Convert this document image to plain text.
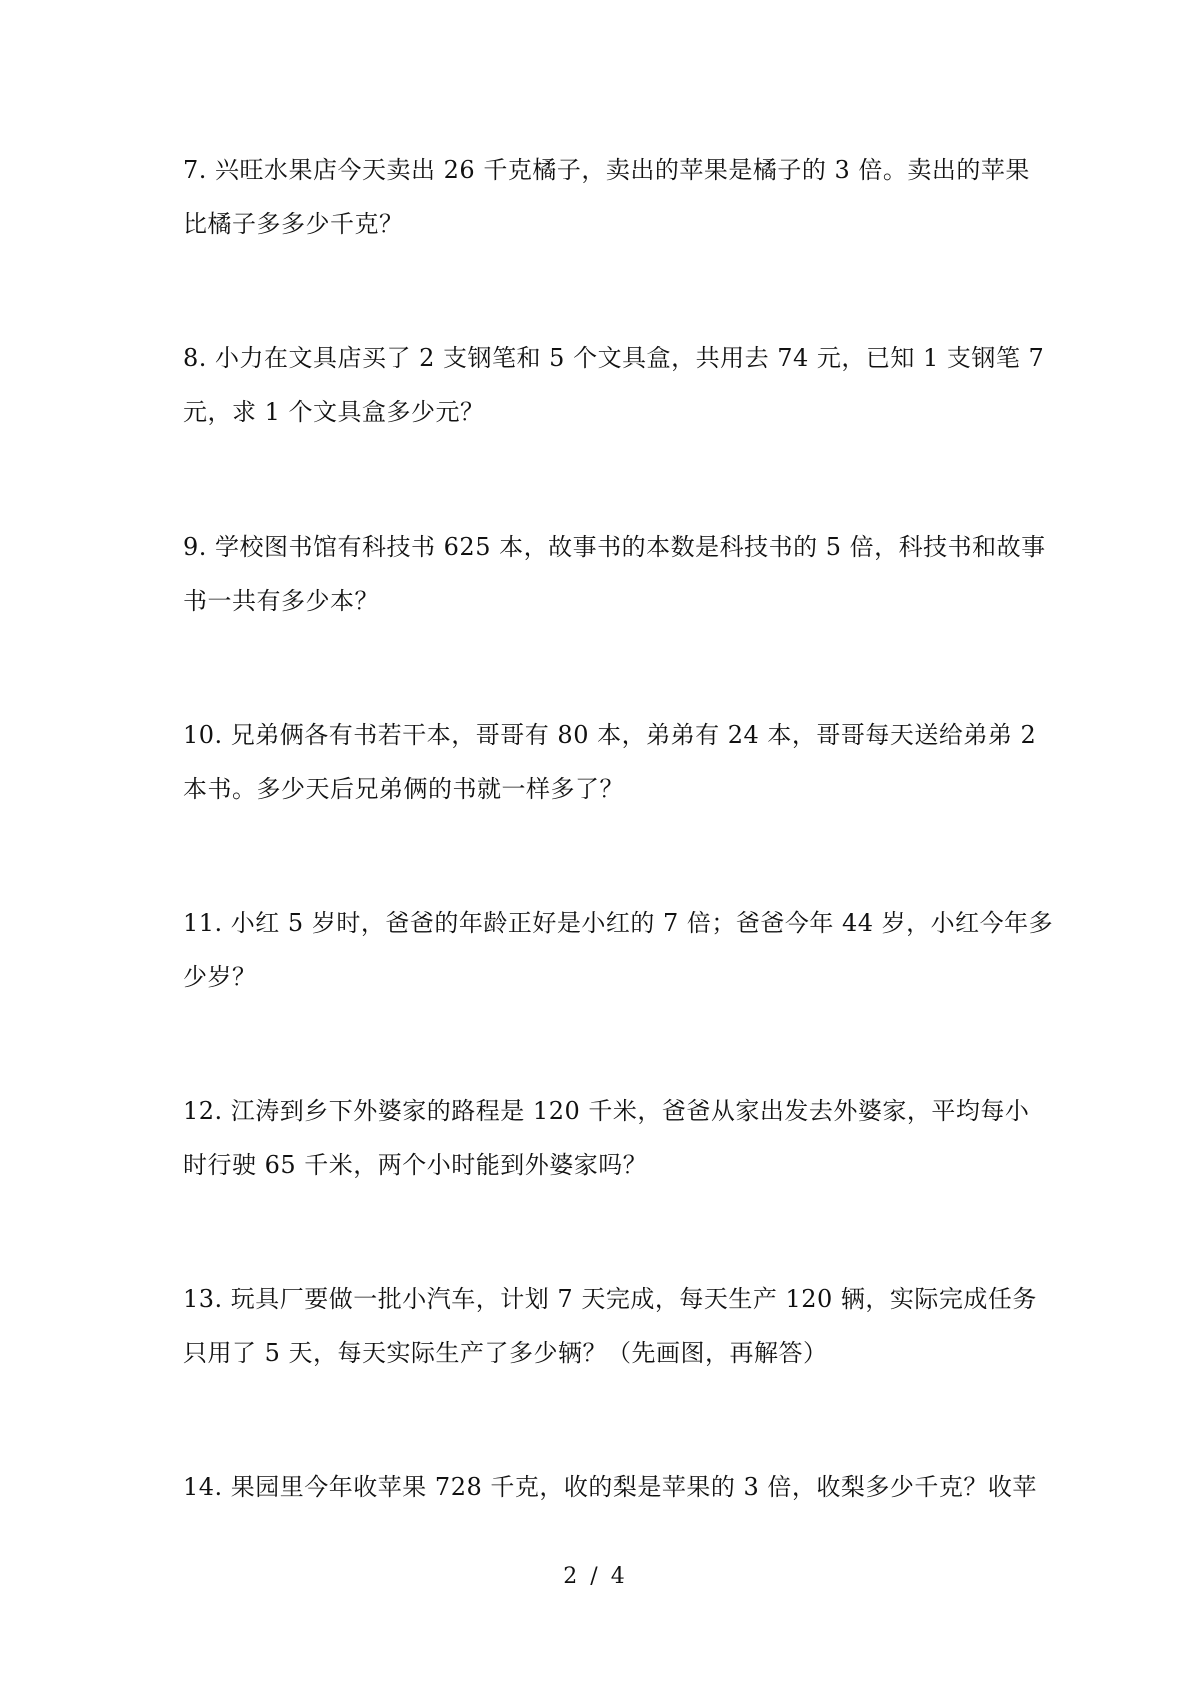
7. 兴旺水果店今天卖出 26 千克橘子，卖出的苹果是橘子的 3 倍。卖出的苹果
比橘子多多少千克？
8. 小力在文具店买了 2 支钢笔和 5 个文具盒，共用去 74 元，已知 1 支钢笔 7
元，求 1 个文具盒多少元？
9. 学校图书馆有科技书 625 本，故事书的本数是科技书的 5 倍，科技书和故事
书一共有多少本？
10. 兄弟俩各有书若干本，哥哥有 80 本，弟弟有 24 本，哥哥每天送给弟弟 2
本书。多少天后兄弟俩的书就一样多了？
11. 小红 5 岁时，爸爸的年龄正好是小红的 7 倍；爸爸今年 44 岁，小红今年多
少岁？
12. 江涛到乡下外婆家的路程是 120 千米，爸爸从家出发去外婆家，平均每小
时行驶 65 千米，两个小时能到外婆家吗？
13. 玩具厂要做一批小汽车，计划 7 天完成，每天生产 120 辆，实际完成任务
只用了 5 天，每天实际生产了多少辆？（先画图，再解答）
14. 果园里今年收苹果 728 千克，收的梨是苹果的 3 倍，收梨多少千克？收苹
2 / 4
